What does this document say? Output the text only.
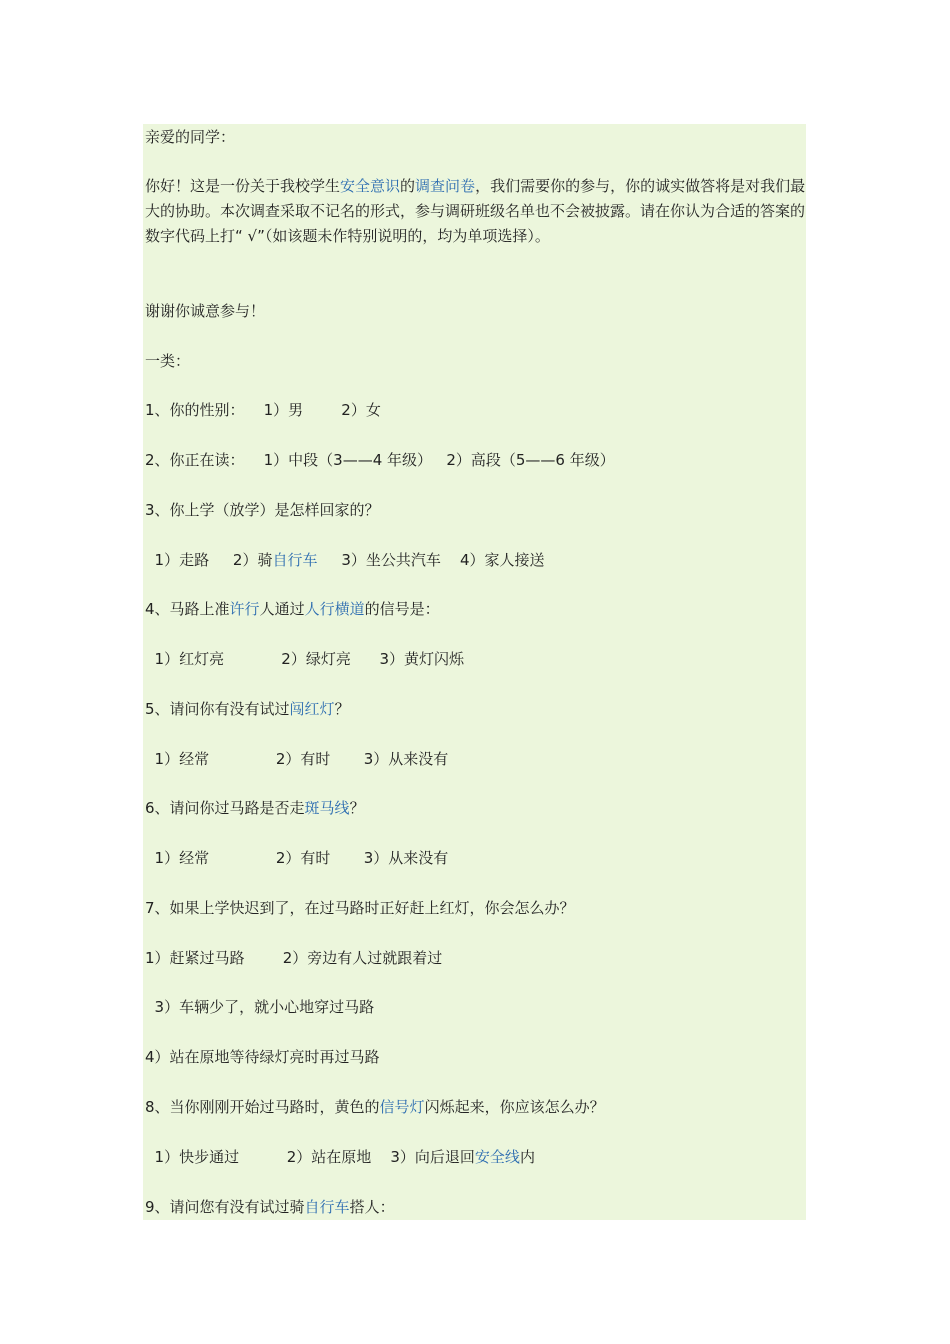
亲爱的同学：
你好！这是一份关于我校学生安全意识的调查问卷，我们需要你的参与，你的诚实做答将是对我们最大的协助。本次调查采取不记名的形式，参与调研班级名单也不会被披露。请在你认为合适的答案的数字代码上打“ √”（如该题未作特别说明的，均为单项选择）。
谢谢你诚意参与！
一类：
1、你的性别：    1）男        2）女
2、你正在读：    1）中段（3——4 年级）   2）高段（5——6 年级）
3、你上学（放学）是怎样回家的？
1）走路     2）骑自行车     3）坐公共汽车    4）家人接送
4、马路上准许行人通过人行横道的信号是：
1）红灯亮            2）绿灯亮      3）黄灯闪烁
5、请问你有没有试过闯红灯？
1）经常              2）有时       3）从来没有
6、请问你过马路是否走斑马线？
1）经常              2）有时       3）从来没有
7、如果上学快迟到了，在过马路时正好赶上红灯，你会怎么办？
1）赶紧过马路        2）旁边有人过就跟着过
3）车辆少了，就小心地穿过马路
4）站在原地等待绿灯亮时再过马路
8、当你刚刚开始过马路时，黄色的信号灯闪烁起来，你应该怎么办？
1）快步通过          2）站在原地    3）向后退回安全线内
9、请问您有没有试过骑自行车搭人：
